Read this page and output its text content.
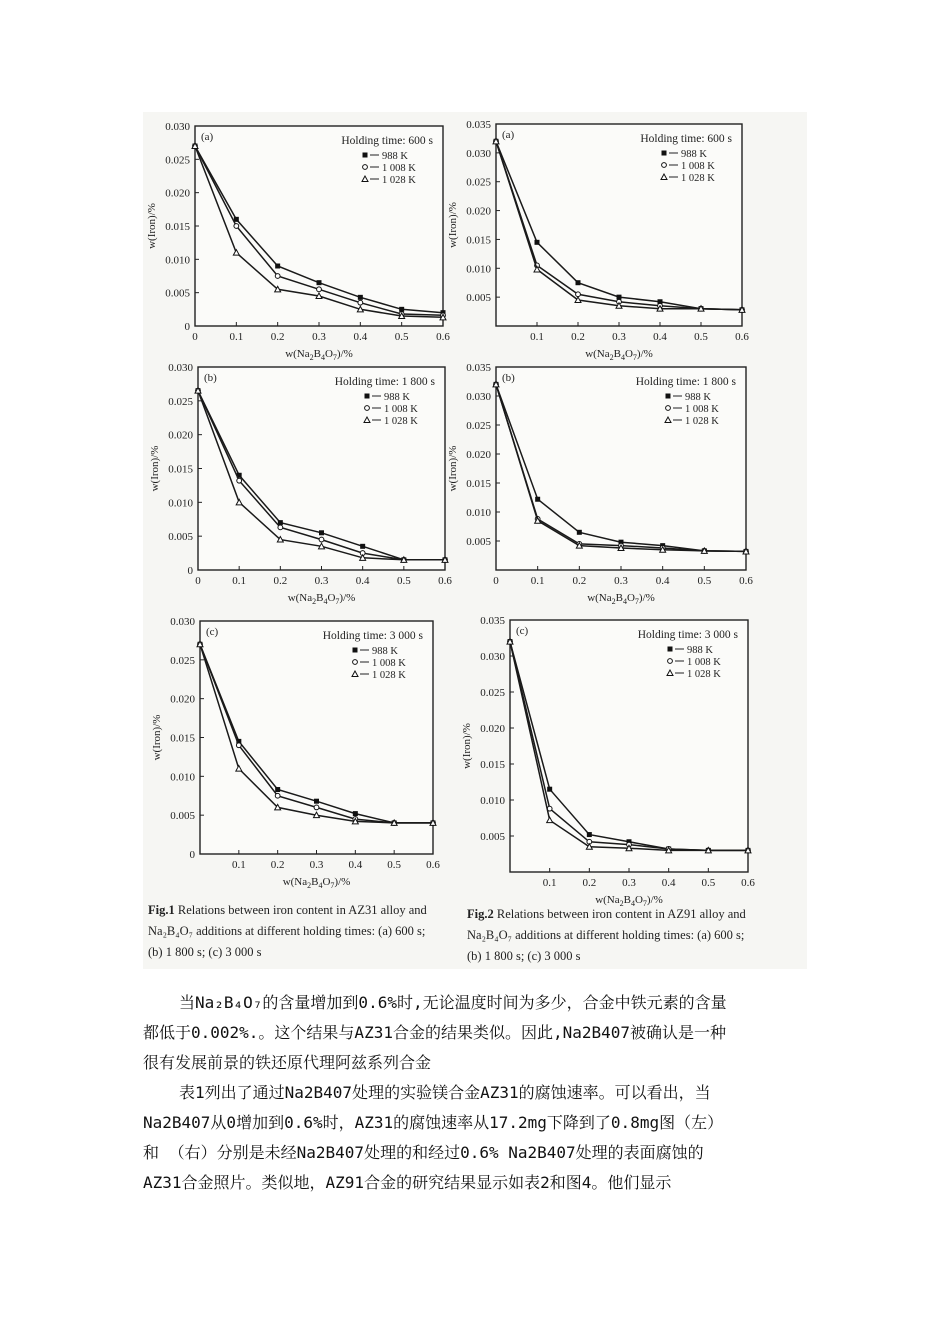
0	0.1	0.2	0.3	0.4	0.5	0.6
0
0.005
0.010
0.015
0.020
0.025
0.030
w(Na2B4O7)/%
w(Iron)/%
(a)	Holding time: 600 s
988 K
1 008 K
1 028 K
0.1 0.2 0.3 0.4 0.5 0.6
0.005
0.010
0.015
0.020
0.025
0.030
0.035
w(Na2B4O7)/%
w(Iron)/%
(a)	Holding time: 600 s
988 K
1 008 K
1 028 K
0	0.1 0.2 0.3 0.4 0.5 0.6
0
0.005
0.010
0.015
0.020
0.025
0.030
w(Na2B4O7)/%
w(Iron)/%
(b)	Holding time: 1 800 s
988 K
1 008 K
1 028 K
0	0.1	0.2	0.3	0.4	0.5	0.6
0.005
0.010
0.015
0.020
0.025
0.030
0.035
w(Na2B4O7)/%
w(Iron)/%
(b)	Holding time: 1 800 s
988 K
1 008 K
1 028 K
0.1 0.2 0.3 0.4 0.5 0.6
0
0.005
0.010
0.015
0.020
0.025
0.030
w(Na2B4O7)/%
w(Iron)/%
(c)	Holding time: 3 000 s
988 K
1 008 K
1 028 K
0.1 0.2 0.3 0.4 0.5 0.6
0.005
0.010
0.015
0.020
0.025
0.030
0.035
w(Na2B4O7)/%
w(Iron)/%
(c)	Holding time: 3 000 s
988 K
1 008 K
1 028 K
Fig.1 Relations between iron content in AZ31 alloy and
Na₂B₄O₇ additions at different holding times: (a) 600 s;
(b) 1 800 s; (c) 3 000 s
Fig.2 Relations between iron content in AZ91 alloy and
Na₂B₄O₇ additions at different holding times: (a) 600 s;
(b) 1 800 s; (c) 3 000 s

当Na₂B₄O₇的含量增加到0.6%时,无论温度时间为多少，合金中铁元素的含量

都低于0.002%.。这个结果与AZ31合金的结果类似。因此,Na2B407被确认是一种

很有发展前景的铁还原代理阿兹系列合金

表1列出了通过Na2B407处理的实验镁合金AZ31的腐蚀速率。可以看出，当

Na2B407从0增加到0.6%时，AZ31的腐蚀速率从17.2mg下降到了0.8mg图（左）

和 （右）分别是未经Na2B407处理的和经过0.6% Na2B407处理的表面腐蚀的

AZ31合金照片。类似地，AZ91合金的研究结果显示如表2和图4。他们显示
